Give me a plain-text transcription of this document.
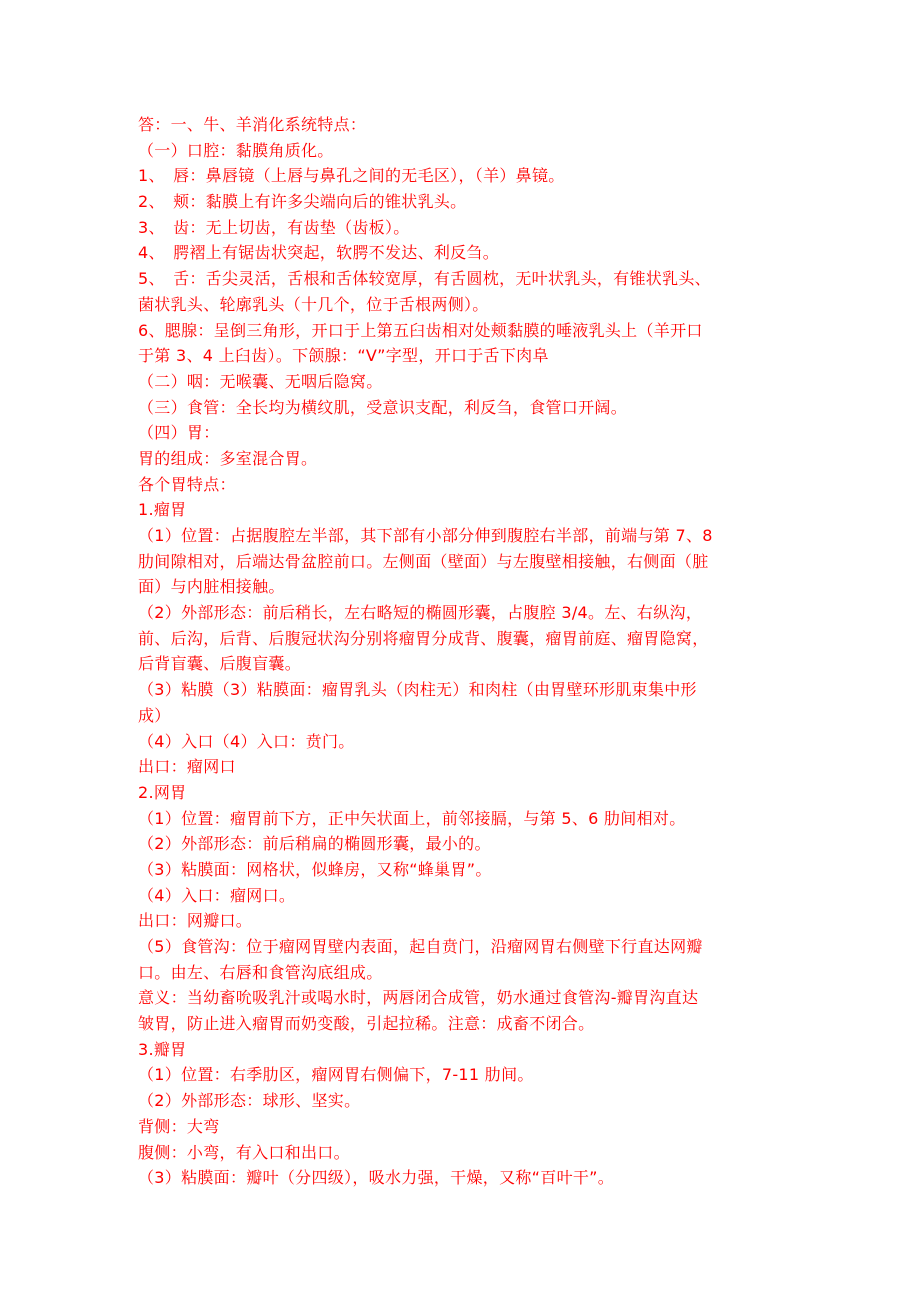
答：一、牛、羊消化系统特点：
（一）口腔：黏膜角质化。
1、　唇：鼻唇镜（上唇与鼻孔之间的无毛区），（羊）鼻镜。
2、　颊：黏膜上有许多尖端向后的锥状乳头。
3、　齿：无上切齿，有齿垫（齿板）。
4、　腭褶上有锯齿状突起，软腭不发达、利反刍。
5、　舌：舌尖灵活，舌根和舌体较宽厚，有舌圆枕，无叶状乳头，有锥状乳头、
菌状乳头、轮廓乳头（十几个，位于舌根两侧）。
6、腮腺：呈倒三角形，开口于上第五臼齿相对处颊黏膜的唾液乳头上（羊开口
于第 3、4 上臼齿）。下颌腺：“V”字型，开口于舌下肉阜
（二）咽：无喉囊、无咽后隐窝。
（三）食管：全长均为横纹肌，受意识支配，利反刍，食管口开阔。
（四）胃：
胃的组成：多室混合胃。
各个胃特点：
1.瘤胃
（1）位置：占据腹腔左半部，其下部有小部分伸到腹腔右半部，前端与第 7、8
肋间隙相对，后端达骨盆腔前口。左侧面（壁面）与左腹壁相接触，右侧面（脏
面）与内脏相接触。
（2）外部形态：前后稍长，左右略短的椭圆形囊，占腹腔 3/4。左、右纵沟，
前、后沟，后背、后腹冠状沟分别将瘤胃分成背、腹囊，瘤胃前庭、瘤胃隐窝，
后背盲囊、后腹盲囊。
（3）粘膜（3）粘膜面：瘤胃乳头（肉柱无）和肉柱（由胃壁环形肌束集中形
成）
（4）入口（4）入口：贲门。
出口：瘤网口
2.网胃
（1）位置：瘤胃前下方，正中矢状面上，前邻接膈，与第 5、6 肋间相对。
（2）外部形态：前后稍扁的椭圆形囊，最小的。
（3）粘膜面：网格状，似蜂房，又称“蜂巢胃”。
（4）入口：瘤网口。
出口：网瓣口。
（5）食管沟：位于瘤网胃壁内表面，起自贲门，沿瘤网胃右侧壁下行直达网瓣
口。由左、右唇和食管沟底组成。
意义：当幼畜吮吸乳汁或喝水时，两唇闭合成管，奶水通过食管沟-瓣胃沟直达
皱胃，防止进入瘤胃而奶变酸，引起拉稀。注意：成畜不闭合。
3.瓣胃
（1）位置：右季肋区，瘤网胃右侧偏下，7-11 肋间。
（2）外部形态：球形、坚实。
背侧：大弯
腹侧：小弯，有入口和出口。
（3）粘膜面：瓣叶（分四级），吸水力强，干燥，又称“百叶干”。
